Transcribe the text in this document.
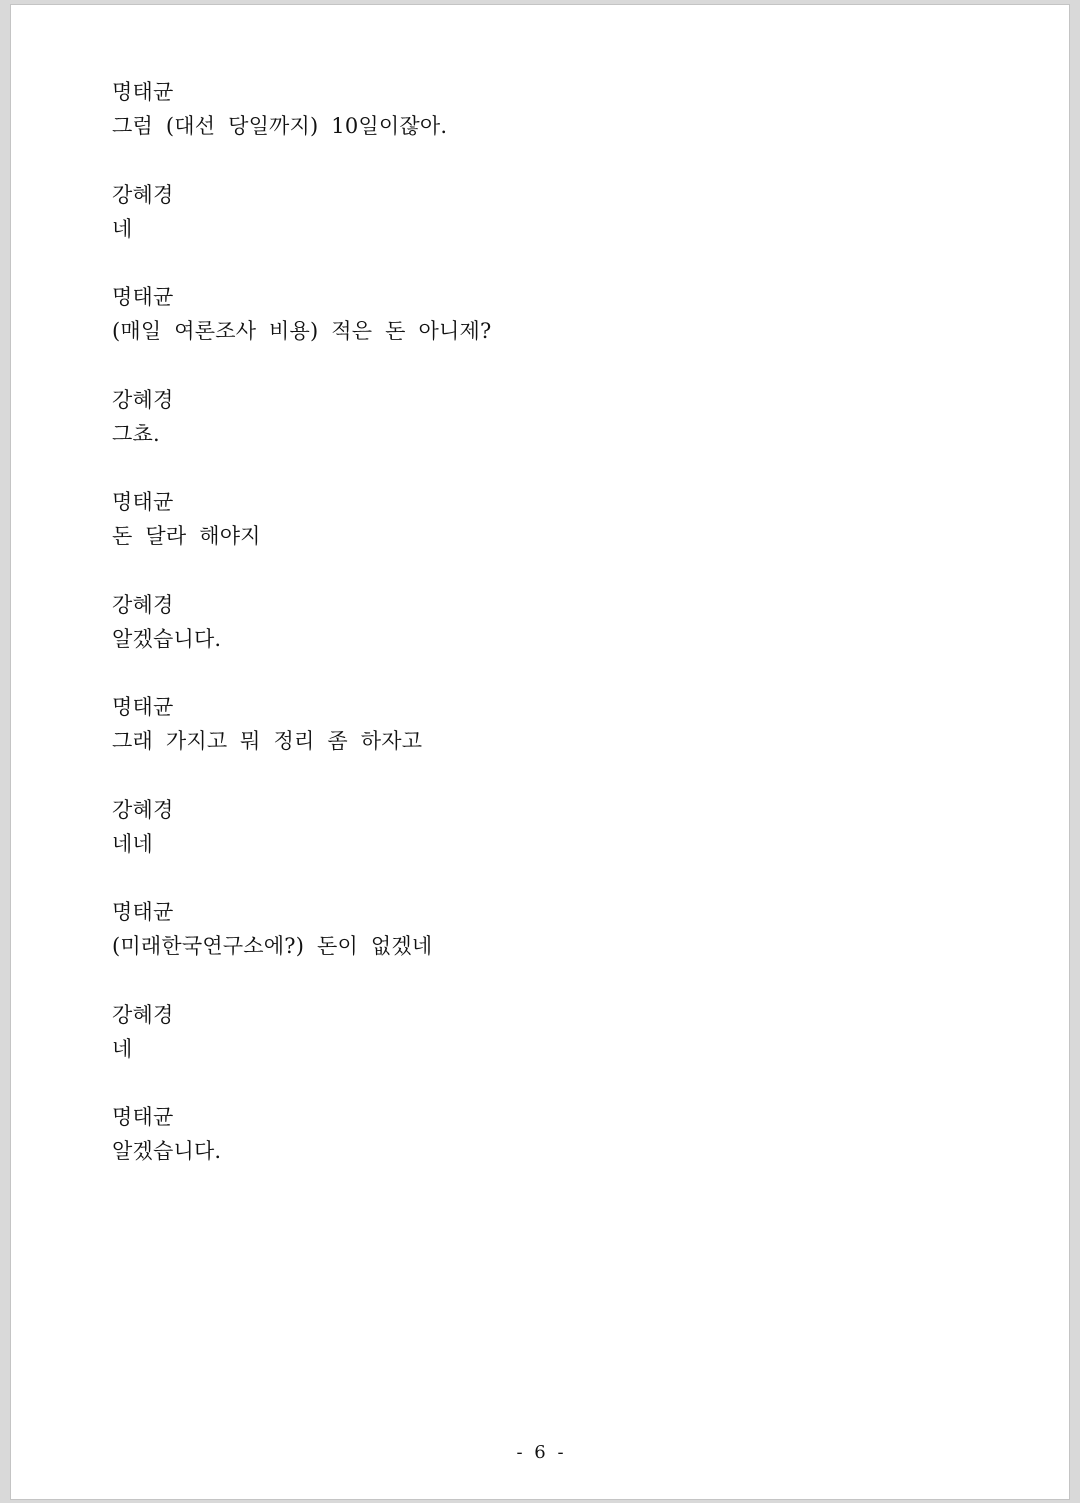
명태균
그럼 (대선 당일까지) 10일이잖아.
강혜경
네
명태균
(매일 여론조사 비용) 적은 돈 아니제?
강혜경
그쵸.
명태균
돈 달라 해야지
강혜경
알겠습니다.
명태균
그래 가지고 뭐 정리 좀 하자고
강혜경
네네
명태균
(미래한국연구소에?) 돈이 없겠네
강혜경
네
명태균
알겠습니다.
- 6 -
